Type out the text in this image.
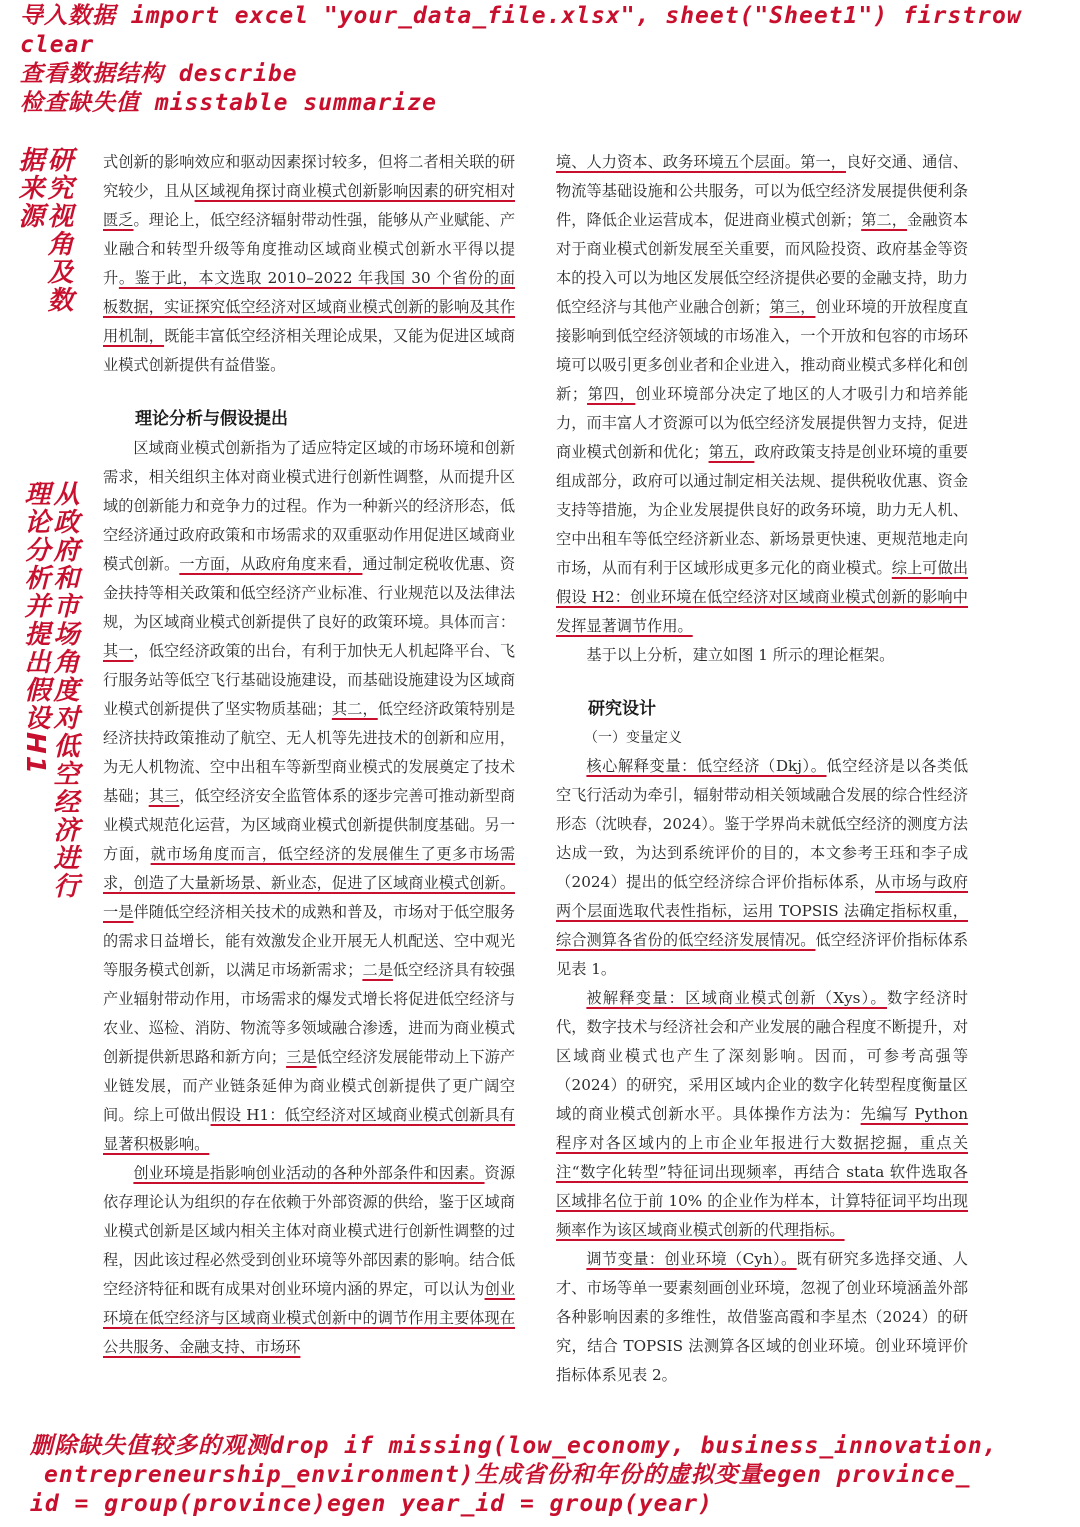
导入数据 import excel "your_data_file.xlsx", sheet("Sheet1") firstrow
clear
查看数据结构 describe
检查缺失值 misstable summarize
研究视角及数据来源
从政府和市场角度对低空经济进行理论分析并提出假设H1

式创新的影响效应和驱动因素探讨较多，但将二者相关联的研究较少，且从区域视角探讨商业模式创新影响因素的研究相对匮乏。理论上，低空经济辐射带动性强，能够从产业赋能、产业融合和转型升级等角度推动区域商业模式创新水平得以提升。鉴于此，本文选取 2010–2022 年我国 30 个省份的面板数据，实证探究低空经济对区域商业模式创新的影响及其作用机制，既能丰富低空经济相关理论成果，又能为促进区域商业模式创新提供有益借鉴。

理论分析与假设提出

区域商业模式创新指为了适应特定区域的市场环境和创新需求，相关组织主体对商业模式进行创新性调整，从而提升区域的创新能力和竞争力的过程。作为一种新兴的经济形态，低空经济通过政府政策和市场需求的双重驱动作用促进区域商业模式创新。一方面，从政府角度来看，通过制定税收优惠、资金扶持等相关政策和低空经济产业标准、行业规范以及法律法规，为区域商业模式创新提供了良好的政策环境。具体而言：其一，低空经济政策的出台，有利于加快无人机起降平台、飞行服务站等低空飞行基础设施建设，而基础设施建设为区域商业模式创新提供了坚实物质基础；其二，低空经济政策特别是经济扶持政策推动了航空、无人机等先进技术的创新和应用，为无人机物流、空中出租车等新型商业模式的发展奠定了技术基础；其三，低空经济安全监管体系的逐步完善可推动新型商业模式规范化运营，为区域商业模式创新提供制度基础。另一方面，就市场角度而言，低空经济的发展催生了更多市场需求，创造了大量新场景、新业态，促进了区域商业模式创新。一是伴随低空经济相关技术的成熟和普及，市场对于低空服务的需求日益增长，能有效激发企业开展无人机配送、空中观光等服务模式创新，以满足市场新需求；二是低空经济具有较强产业辐射带动作用，市场需求的爆发式增长将促进低空经济与农业、巡检、消防、物流等多领域融合渗透，进而为商业模式创新提供新思路和新方向；三是低空经济发展能带动上下游产业链发展，而产业链条延伸为商业模式创新提供了更广阔空间。综上可做出假设 H1：低空经济对区域商业模式创新具有显著积极影响。

创业环境是指影响创业活动的各种外部条件和因素。资源依存理论认为组织的存在依赖于外部资源的供给，鉴于区域商业模式创新是区域内相关主体对商业模式进行创新性调整的过程，因此该过程必然受到创业环境等外部因素的影响。结合低空经济特征和既有成果对创业环境内涵的界定，可以认为创业环境在低空经济与区域商业模式创新中的调节作用主要体现在公共服务、金融支持、市场环

境、人力资本、政务环境五个层面。第一，良好交通、通信、物流等基础设施和公共服务，可以为低空经济发展提供便利条件，降低企业运营成本，促进商业模式创新；第二，金融资本对于商业模式创新发展至关重要，而风险投资、政府基金等资本的投入可以为地区发展低空经济提供必要的金融支持，助力低空经济与其他产业融合创新；第三，创业环境的开放程度直接影响到低空经济领域的市场准入，一个开放和包容的市场环境可以吸引更多创业者和企业进入，推动商业模式多样化和创新；第四，创业环境部分决定了地区的人才吸引力和培养能力，而丰富人才资源可以为低空经济发展提供智力支持，促进商业模式创新和优化；第五，政府政策支持是创业环境的重要组成部分，政府可以通过制定相关法规、提供税收优惠、资金支持等措施，为企业发展提供良好的政务环境，助力无人机、空中出租车等低空经济新业态、新场景更快速、更规范地走向市场，从而有利于区域形成更多元化的商业模式。综上可做出假设 H2：创业环境在低空经济对区域商业模式创新的影响中发挥显著调节作用。

基于以上分析，建立如图 1 所示的理论框架。

研究设计
（一）变量定义

核心解释变量：低空经济（Dkj）。低空经济是以各类低空飞行活动为牵引，辐射带动相关领域融合发展的综合性经济形态（沈映春，2024）。鉴于学界尚未就低空经济的测度方法达成一致，为达到系统评价的目的，本文参考王珏和李子成（2024）提出的低空经济综合评价指标体系，从市场与政府两个层面选取代表性指标，运用 TOPSIS 法确定指标权重，综合测算各省份的低空经济发展情况。低空经济评价指标体系见表 1。

被解释变量：区域商业模式创新（Xys）。数字经济时代，数字技术与经济社会和产业发展的融合程度不断提升，对区域商业模式也产生了深刻影响。因而，可参考高强等（2024）的研究，采用区域内企业的数字化转型程度衡量区域的商业模式创新水平。具体操作方法为：先编写 Python 程序对各区域内的上市企业年报进行大数据挖掘，重点关注“数字化转型”特征词出现频率，再结合 stata 软件选取各区域排名位于前 10% 的企业作为样本，计算特征词平均出现频率作为该区域商业模式创新的代理指标。

调节变量：创业环境（Cyh）。既有研究多选择交通、人才、市场等单一要素刻画创业环境，忽视了创业环境涵盖外部各种影响因素的多维性，故借鉴高霞和李星杰（2024）的研究，结合 TOPSIS 法测算各区域的创业环境。创业环境评价指标体系见表 2。

删除缺失值较多的观测drop if missing(low_economy, business_innovation,
entrepreneurship_environment)生成省份和年份的虚拟变量egen province_
id = group(province)egen year_id = group(year)
